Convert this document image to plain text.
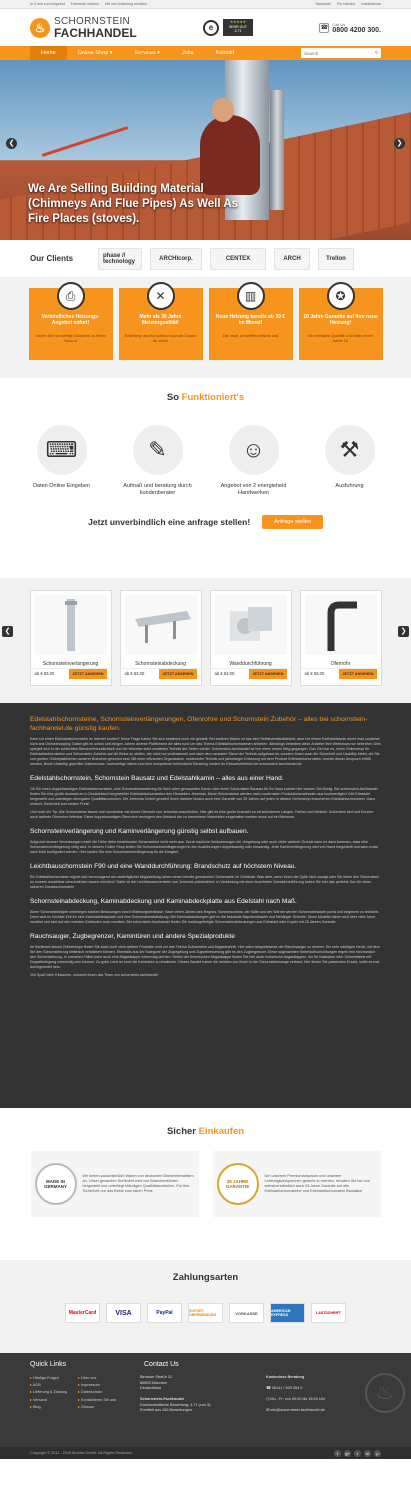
In 3 min zum Angebot Fahrende marken Mit uns forderung erhalten	Standorte Für händler Installateure
♨ SCHORNSTEIN
FACHHANDEL	e
★★★★★
SEHR GUT
4.71
☎
Call Us
0800 4200 300.
Home	Online-Shop ▾	Services ▾	Jobs	Kontakt	Search	⚲
❮	❯
We Are Selling Building Material
(Chimneys And Flue Pipes) As Well As
Fire Places (stoves).
Our Clients	phase // technology	ARCHIcorp.	CENTEX	ARCH	Trellon
⎙
Verbindliches Heizungs-Angebot sofort!
Geben Sie nur wenige Eckdaten zu Ihrem Haus in
✕
Mehr als 30 Jahre Meistergualität!
Erfahrung und Kompetenz sind der Garant für einen
▥
Neue Heizung bereits ab 39 € im Monat!
Die neue, umweltfreundliche und
✪
10 Jahre Garantie auf Ihre neue Heizung!
Wir verbauen Qualität und bieten Ihnen daher 10
So Funktioniert's
⌨
Daten Online Eingeben
✎
Aufmaß und beratung durch kundenberater
☺
Angebot von 2 energieheld Handwerken
⚒
Ausfuhrung
Jetzt unverbindlich eine anfrage stellen!	Anfrage stellen
❮	❯
Schornsteinverlängerung
ab € 63.00	JETZT ANSEHEN
Schornsteinabdeckung
ab € 63.00	JETZT ANSEHEN
Wanddurchführung
ab € 63.00	JETZT ANSEHEN
Ofenrohr
ab € 63.00	JETZT ANSEHEN
Edelstahlschornsteine, Schornsteinverlängerungen, Ofenrohre und Schornstein Zubehör – alles bei schornstein-fachhandel.de günstig kaufen.

Kann ich einen Edelstahlschornstein im Internet kaufen? Diese Frage haben Sie sich bestimmt noch nie gestellt. Bei anderen Waren ist das eine Selbstverständlichkeit, aber bei einem Edelstahlkamin denkt man zunächst nicht ans Onlineshopping. Dabei gibt es schon seit einigen Jahren diverse Plattformen die alles rund um das Thema Edelstahlschornsteinen anbieten. Allerdings betreiben diese Anbieter ihre Webshops nur nebenher. Dies spiegelt sich in der schlechten Benutzerfreundlichkeit und der teilweise stark veralteten Technik der Seiten wieder. Schornstein-fachhandel ist hier einen neuen Weg gegangen. Das Ziel war es, einen Onlineshop für Edelstahlschornsteine und Schornstein Zubehör auf die Beine zu stellen, der nicht nur professionell und nach dem neuesten Stand der Technik aufgebaut ist, sondern Ihnen auch die Sicherheit und Usability bietet, die Sie von großen Onlineplattformen anderer Branchen gewohnt sind. Mit einer effizienten Organisation, modernster Technik und jahrelanger Erfahrung mit dem Produkt Edelstahlschornstein, konnte dieser Anspruch erfüllt werden. Beste Usability, geprüfter Datenschutz, hochwertige Waren und eine kompetente telefonische Beratung runden Ihr Einkaufserlebnis bei schornstein-fachhandel ab.

Edelstahlschornstein, Schornstein Bausatz und Edelstahlkamin – alles aus einer Hand.

Ob Sie einen doppelwandigen Edelstahlschornstein, eine Schornsteinsanierung für Ihren alten gemauerten Kamin oder einen Schornstein Bausatz für Ihr Haus suchen hier werden Sie fündig. Bei schornstein-fachhandel finden Sie eine große Auswahl an in Deutschland hergestellter Edelstahlschornsteine des Herstellers Jeremias. Diese Schornsteine werden nach modernsten Produktionsmethoden aus hochwertigem V4A Edelstahl hergestellt und unterliegen strengsten Qualitätskontrollen. Die Jeremias GmbH gewährt Ihnen darüber hinaus auch eine Garantie von 25 Jahren auf jeden in diesem Onlineshop erworbenen Edelstahlschornstein. Ganz einfach: Sicherheit zum besten Preis!

Und noch ein Tip: Alle Schornsteine lassen sich wunderbar mit einem Ofenrohr von Jeremias anschließen. Hier gibt es eine große Auswahl an verschiedenen Längen, Farben und Winkeln. Außerdem sind seit Kurzem auch isolierte Ofenrohre lieferbar. Diese doppelwandigen Ofenrohre verringern den Abstand der zu brennbaren Materialien eingehalten werden muss auf ein Minimum.

Schornsteinverlängerung und Kaminverlängerung günstig selbst aufbauen.

Aufgrund neuerer Verordnungen reicht die Höhe vieler bestehender Schornsteine nicht mehr aus. Durch bauliche Veränderungen der Umgebung oder auch vieler weiterer Gründe kann es dazu kommen, dass eine Schornsteinverlängerung nötig wird. In diesem Online Shop finden Sie Schornsteinverlängerungen in den Ausführungen doppelwandig oder einwandig. Jede Kaminverlängerung wird von Hand hergestellt und kann exakt nach Maß konfiguriert werden. Hier kaufen Sie eine Schornsteinverlängerung für die Ewigkeit.

Leichtbauschornstein F90 und eine Wanddurchführung: Brandschutz auf höchstem Niveau.

Ein Edelstahlschornstein eignet sich hervorragend als nachträglicher Abgasleitung neben einem bereits gemauerten Schornstein im Gebäude. Was aber, wenn Ihnen die Optik nicht zusagt oder Sie lieber den Schornstein im Inneren unsichtbar verschwinden lassen möchten? Dafür ist der Leichtbauschornstein von Jeremias prädestiniert. In Verbindung mit einer feuerfesten Wanddurchführung haben Sie hier das perfekte Duo für einen sicheren Zusatzschornstein

Schornsteinabdeckung, Kaminabdeckung und Kaminabdeckplatte aus Edelstahl nach Maß.

Ältere Schornsteinköpfe unterliegen starken Belastungen durch Witterungseinflüsse. Nach vielen Jahren des Regens, Sonnenscheins, der Kälte und der Wärme werden Schornsteinköpfe porös und beginnen zu bröckeln. Dann wird es höchste Zeit für eine Kaminabdeckplatte und eine Schornsteinabdeckung. Bei Kaminabdeckungen gibt es die bekannte Napoleonhaube und Meidinger Scheibe. Diese Modelle haben sich über viele Jahre bewährt und sind auf den meisten Gebäuden auch montiert. Bei schornstein-fachhandel finden Sie maßangefertigte Schornsteinabdeckungen aus Edelstahl oder Kupfer mit 25 Jahren Garantie.

Rauchsauger, Zugbegrenzer, Kamintüren und andere Spezialprodukte

Im Sortiment dieses Onlineshops finden Sie auch noch viele weitere Produkte rund um das Thema Schornstein und Abgastechnik. Hier wäre beispielsweise der Rauchsauger zu nennen. Ein sehr wichtiges Gerät, mit dem Sie den Schornsteinzug elektrisch verstärken können. Ebenfalls aus der Kategorie der Zugregelung und Zugverbesserung gibt es den Zugbegrenzer. Diese sogenannten Nebenluftvorrichtungen regeln rein mechanisch den Schornsteinzug. In manchen Fällen kann auch eine Abgasklappe notwendig werden. Neben der thermischen Abgasklappe finden Sie hier auch motorische Abgasklappen, die für Kaskaden oder Schornsteine mit Doppelbelegung notwendig sein können. Zu guter Letzt ist noch die Kamintüre zu erwähnen. Dieses Bauteil haben die meisten von Ihnen in der Schornsteinwange verbaut. Hier finden Sie passenden Ersatz, sollte es mal durchgerostet sein.

Viel Spaß beim Einkaufen, wünscht Ihnen das Team von schornstein-fachhandel.

Sicher Einkaufen
MADE IN GERMANY
Wir bieten ausschließlich Waren von deutschen Markenherstellern an. Unser gesamten Sortiment wird von Branchenführern hergestellt und unterliegt ständigen Qualitätskontrollen. Für Ihre Sicherheit nur das Beste zum fairen Preis.
25 JAHRE GARANTIE
Um unserem Premiumanspruch und unserem Leistungsversprechen gerecht zu werden, erhalten Sie bei uns selbstverständlich auch 25-Jahre Garantie auf alle Edelstahlschornsteine und Edelstahlschornstein Bausätze.
Zahlungsarten
MasterCard	VISA	PayPal	SOFORT ÜBERWEISUNG	VORKASSE	AMERICAN EXPRESS	LASTSCHRIFT
Quick Links	Contact Us
▸ Häufige Fragen
▸ AGB
▸ Lieferung & Zahlung
▸ Versand
▸ Blog
▸ Über uns
▸ Impressum
▸ Datenschutz
▸ Kontaktieren Sie uns
▸ Glossar
Birnauer Straße 12
80809 München
Deutschland

Schornstein-Fachhandel
Durchschnittliche Bewertung: 4.71 (von 5).
Ermittelt aus 265 Bewertungen.
Kostenlose Beratung

☎ 08141 / 509 264 0

◷ Mo - Fr: von 09:00 bis 18:00 Uhr

✉ info@schornstein-fachhandel.de
♨
Copyright © 2011 - 2016 iKontor GmbH. All Rights Reserved.	f	g+	t	in	p
